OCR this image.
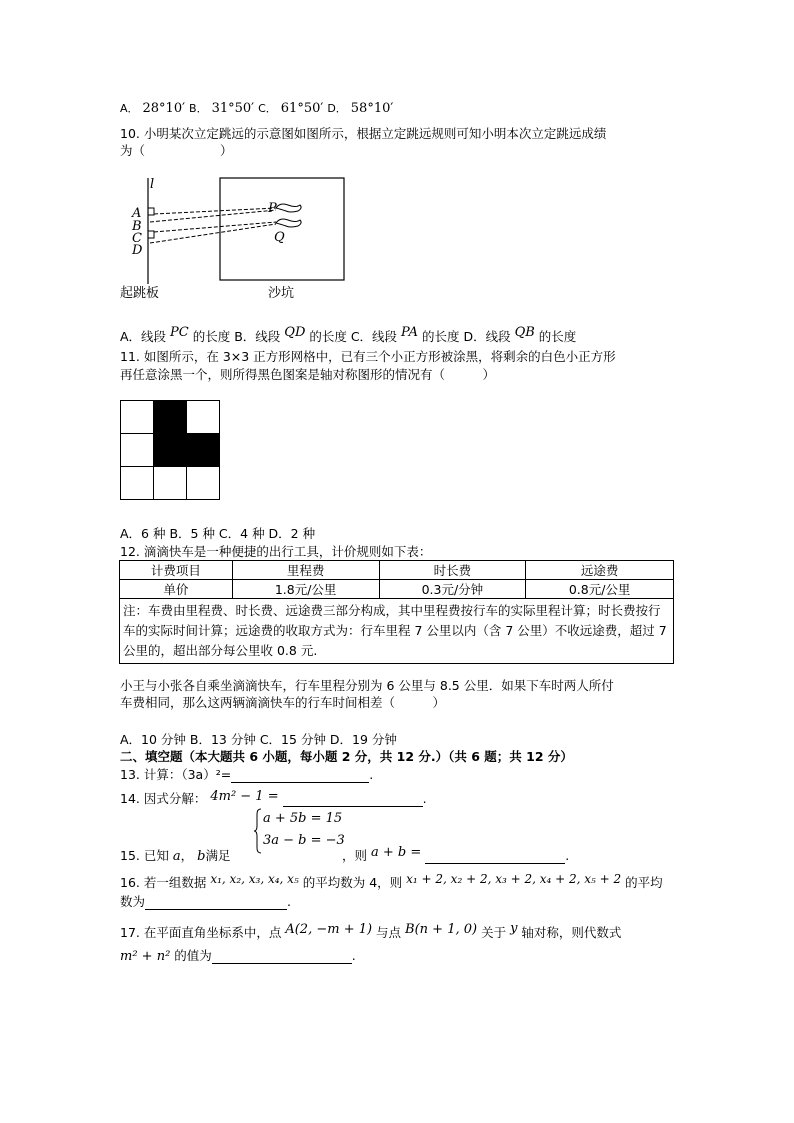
A． 28°10′ B． 31°50′ C． 61°50′ D． 58°10′
10. 小明某次立定跳远的示意图如图所示，根据立定跳远规则可知小明本次立定跳远成绩
为（　　　　　　）
l
A
B
C
D
P
Q
起跳板	沙坑
A．线段 PC 的长度 B．线段 QD 的长度 C．线段 PA 的长度 D．线段 QB 的长度
11. 如图所示，在 3×3 正方形网格中，已有三个小正方形被涂黑，将剩余的白色小正方形
再任意涂黑一个，则所得黑色图案是轴对称图形的情况有（　　　）
A．6 种 B．5 种 C．4 种 D．2 种
12. 滴滴快车是一种便捷的出行工具，计价规则如下表：
计费项目	里程费	时长费	远途费
单价	1.8元/公里	0.3元/分钟	0.8元/公里
注：车费由里程费、时长费、远途费三部分构成，其中里程费按行车的实际里程计算；时长费按行车的实际时间计算；远途费的收取方式为：行车里程 7 公里以内（含 7 公里）不收远途费，超过 7 公里的，超出部分每公里收 0.8 元.			
小王与小张各自乘坐滴滴快车，行车里程分别为 6 公里与 8.5 公里．如果下车时两人所付
车费相同，那么这两辆滴滴快车的行车时间相差（　　　）
A．10 分钟 B．13 分钟 C．15 分钟 D．19 分钟
二、填空题（本大题共 6 小题，每小题 2 分，共 12 分.）（共 6 题；共 12 分）
13. 计算：（3a）²=	.
14. 因式分解： 4m² − 1 =	.
15. 已知 a， b满足
a + 5b = 15
3a − b = −3
，则 a + b =	.
16. 若一组数据 x₁, x₂, x₃, x₄, x₅ 的平均数为 4，则 x₁ + 2, x₂ + 2, x₃ + 2, x₄ + 2, x₅ + 2 的平均
数为	.
17. 在平面直角坐标系中，点 A(2, −m + 1) 与点 B(n + 1, 0) 关于 y 轴对称，则代数式
m² + n² 的值为	.
